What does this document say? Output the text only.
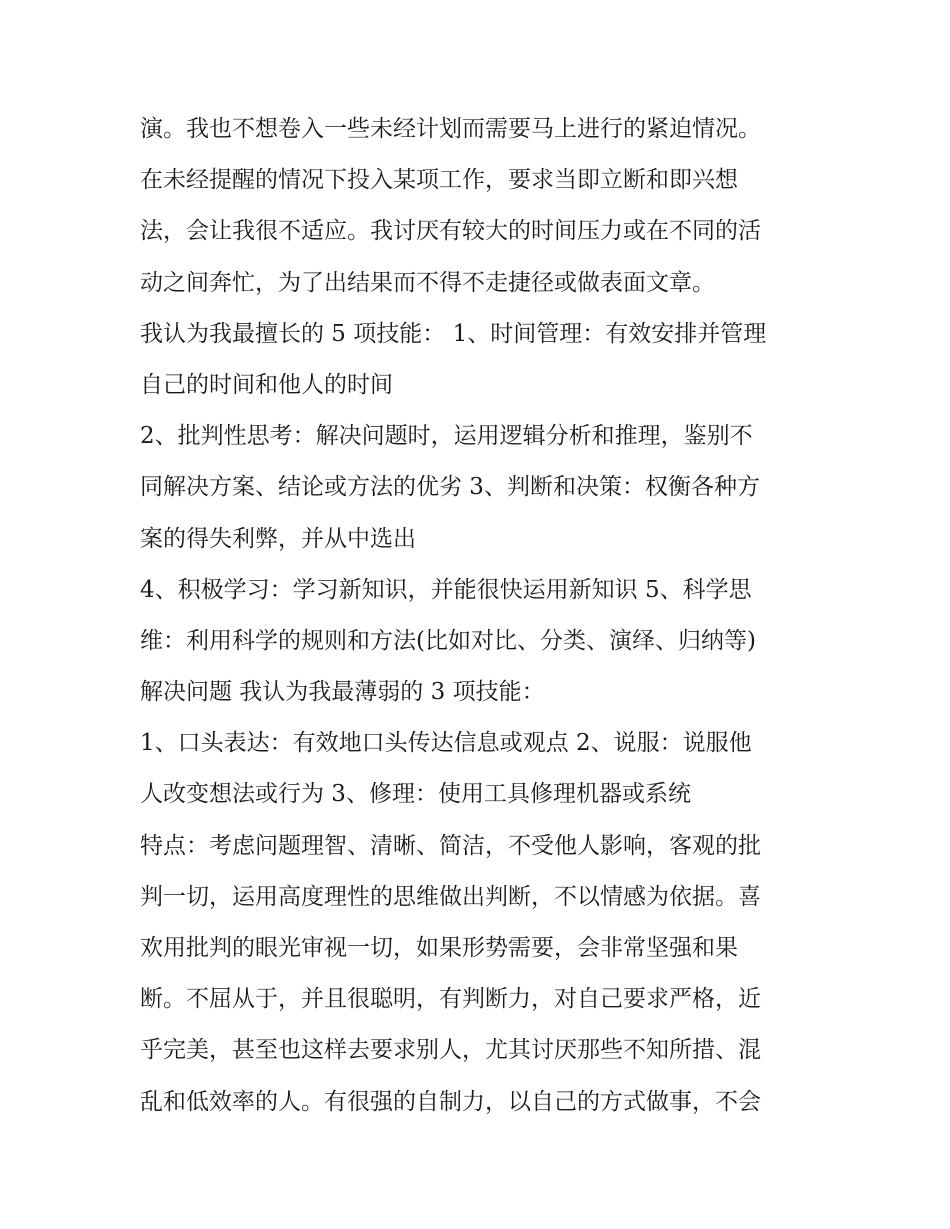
演。我也不想卷入一些未经计划而需要马上进行的紧迫情况。
在未经提醒的情况下投入某项工作，要求当即立断和即兴想
法，会让我很不适应。我讨厌有较大的时间压力或在不同的活
动之间奔忙，为了出结果而不得不走捷径或做表面文章。
我认为我最擅长的 5 项技能： 1、时间管理：有效安排并管理
自己的时间和他人的时间
2、批判性思考：解决问题时，运用逻辑分析和推理，鉴别不
同解决方案、结论或方法的优劣 3、判断和决策：权衡各种方
案的得失利弊，并从中选出
4、积极学习：学习新知识，并能很快运用新知识 5、科学思
维：利用科学的规则和方法(比如对比、分类、演绎、归纳等)
解决问题 我认为我最薄弱的 3 项技能：
1、口头表达：有效地口头传达信息或观点 2、说服：说服他
人改变想法或行为 3、修理：使用工具修理机器或系统
特点：考虑问题理智、清晰、简洁，不受他人影响，客观的批
判一切，运用高度理性的思维做出判断，不以情感为依据。喜
欢用批判的眼光审视一切，如果形势需要，会非常坚强和果
断。不屈从于，并且很聪明，有判断力，对自己要求严格，近
乎完美，甚至也这样去要求别人，尤其讨厌那些不知所措、混
乱和低效率的人。有很强的自制力，以自己的方式做事，不会
